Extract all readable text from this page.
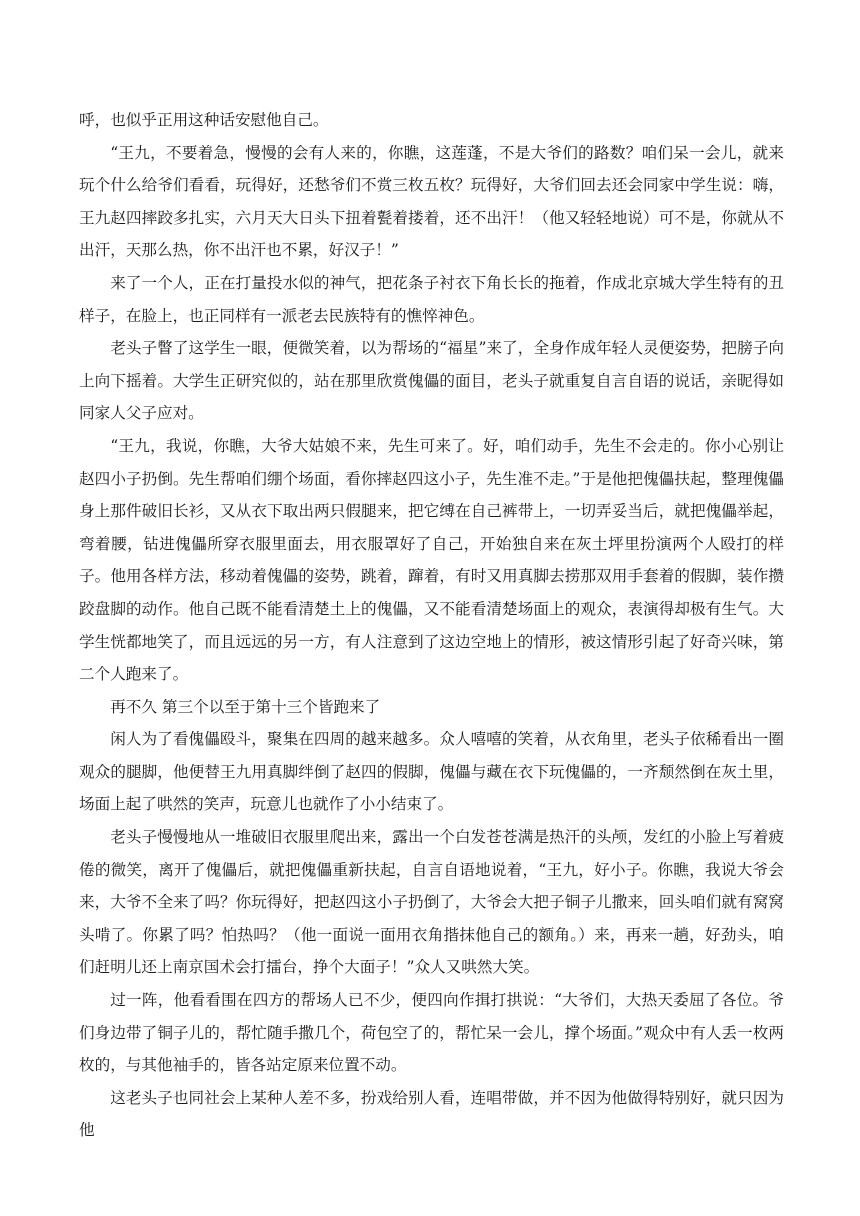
呼，也似乎正用这种话安慰他自己。

“王九，不要着急，慢慢的会有人来的，你瞧，这莲蓬，不是大爷们的路数？咱们呆一会儿，就来玩个什么给爷们看看，玩得好，还愁爷们不赏三枚五枚？玩得好，大爷们回去还会同家中学生说：嗨，王九赵四摔跤多扎实，六月天大日头下扭着甏着搂着，还不出汗！（他又轻轻地说）可不是，你就从不出汗，天那么热，你不出汗也不累，好汉子！”

来了一个人，正在打量投水似的神气，把花条子衬衣下角长长的拖着，作成北京城大学生特有的丑样子，在脸上，也正同样有一派老去民族特有的憔悴神色。

老头子瞥了这学生一眼，便微笑着，以为帮场的“福星”来了，全身作成年轻人灵便姿势，把膀子向上向下摇着。大学生正研究似的，站在那里欣赏傀儡的面目，老头子就重复自言自语的说话，亲昵得如同家人父子应对。

“王九，我说，你瞧，大爷大姑娘不来，先生可来了。好，咱们动手，先生不会走的。你小心别让赵四小子扔倒。先生帮咱们绷个场面，看你摔赵四这小子，先生准不走。”于是他把傀儡扶起，整理傀儡身上那件破旧长衫，又从衣下取出两只假腿来，把它缚在自己裤带上，一切弄妥当后，就把傀儡举起，弯着腰，钻进傀儡所穿衣服里面去，用衣服罩好了自己，开始独自来在灰土坪里扮演两个人殴打的样子。他用各样方法，移动着傀儡的姿势，跳着，蹿着，有时又用真脚去捞那双用手套着的假脚，装作攒跤盘脚的动作。他自己既不能看清楚土上的傀儡，又不能看清楚场面上的观众，表演得却极有生气。大学生恍都地笑了，而且远远的另一方，有人注意到了这边空地上的情形，被这情形引起了好奇兴味，第二个人跑来了。

再不久 第三个以至于第十三个皆跑来了

闲人为了看傀儡殴斗，聚集在四周的越来越多。众人嘻嘻的笑着，从衣角里，老头子依稀看出一圈观众的腿脚，他便替王九用真脚绊倒了赵四的假脚，傀儡与藏在衣下玩傀儡的，一齐颓然倒在灰土里，场面上起了哄然的笑声，玩意儿也就作了小小结束了。

老头子慢慢地从一堆破旧衣服里爬出来，露出一个白发苍苍满是热汗的头颅，发红的小脸上写着疲倦的微笑，离开了傀儡后，就把傀儡重新扶起，自言自语地说着，“王九，好小子。你瞧，我说大爷会来，大爷不全来了吗？你玩得好，把赵四这小子扔倒了，大爷会大把子铜子儿撒来，回头咱们就有窝窝头啃了。你累了吗？怕热吗？（他一面说一面用衣角揩抹他自己的额角。）来，再来一趟，好劲头，咱们赶明儿还上南京国术会打擂台，挣个大面子！”众人又哄然大笑。

过一阵，他看看围在四方的帮场人已不少，便四向作揖打拱说：“大爷们，大热天委屈了各位。爷们身边带了铜子儿的，帮忙随手撒几个，荷包空了的，帮忙呆一会儿，撑个场面。”观众中有人丢一枚两枚的，与其他袖手的，皆各站定原来位置不动。

这老头子也同社会上某种人差不多，扮戏给别人看，连唱带做，并不因为他做得特别好，就只因为他
